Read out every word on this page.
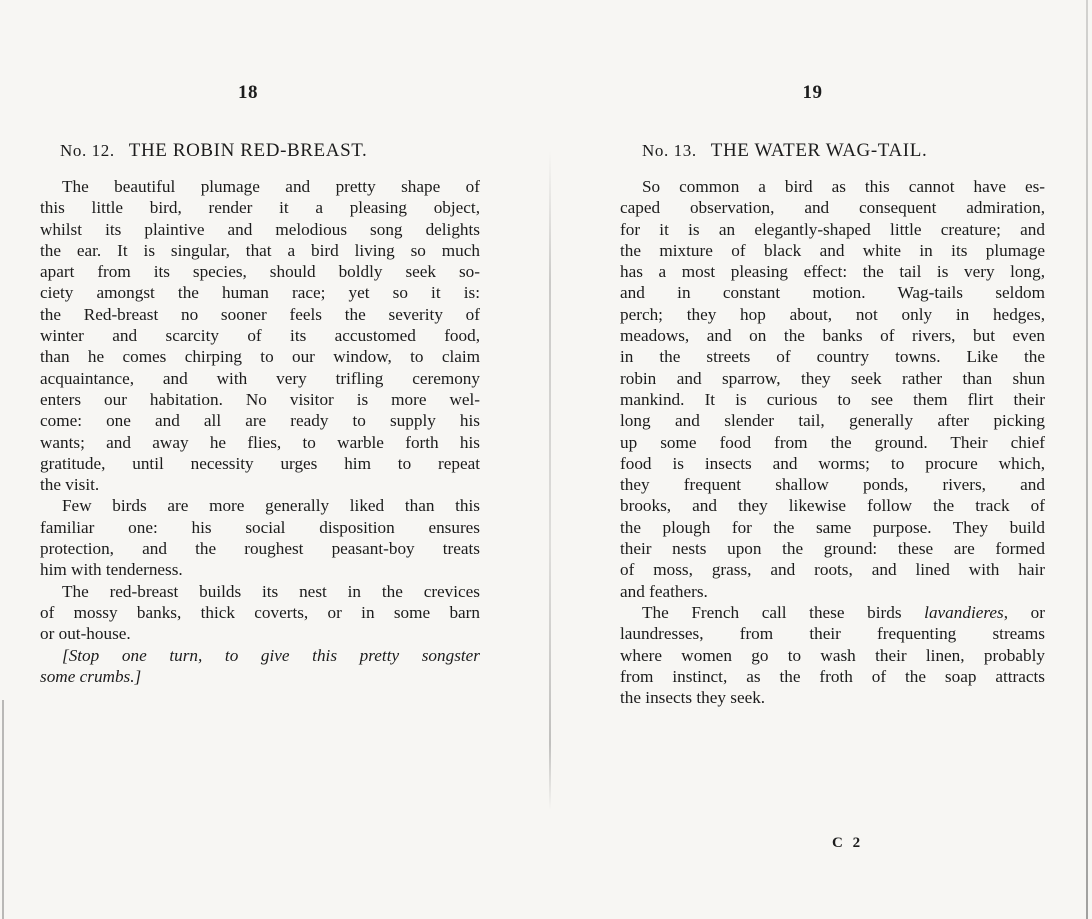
18
No. 12. THE ROBIN RED-BREAST.
The beautiful plumage and pretty shape of
this little bird, render it a pleasing object,
whilst its plaintive and melodious song delights
the ear. It is singular, that a bird living so much
apart from its species, should boldly seek so-
ciety amongst the human race; yet so it is:
the Red-breast no sooner feels the severity of
winter and scarcity of its accustomed food,
than he comes chirping to our window, to claim
acquaintance, and with very trifling ceremony
enters our habitation. No visitor is more wel-
come: one and all are ready to supply his
wants; and away he flies, to warble forth his
gratitude, until necessity urges him to repeat
the visit.
Few birds are more generally liked than this
familiar one: his social disposition ensures
protection, and the roughest peasant-boy treats
him with tenderness.
The red-breast builds its nest in the crevices
of mossy banks, thick coverts, or in some barn
or out-house.
[Stop one turn, to give this pretty songster
some crumbs.]
19
No. 13. THE WATER WAG-TAIL.
So common a bird as this cannot have es-
caped observation, and consequent admiration,
for it is an elegantly-shaped little creature; and
the mixture of black and white in its plumage
has a most pleasing effect: the tail is very long,
and in constant motion. Wag-tails seldom
perch; they hop about, not only in hedges,
meadows, and on the banks of rivers, but even
in the streets of country towns. Like the
robin and sparrow, they seek rather than shun
mankind. It is curious to see them flirt their
long and slender tail, generally after picking
up some food from the ground. Their chief
food is insects and worms; to procure which,
they frequent shallow ponds, rivers, and
brooks, and they likewise follow the track of
the plough for the same purpose. They build
their nests upon the ground: these are formed
of moss, grass, and roots, and lined with hair
and feathers.
The French call these birds lavandieres, or
laundresses, from their frequenting streams
where women go to wash their linen, probably
from instinct, as the froth of the soap attracts
the insects they seek.
C 2
